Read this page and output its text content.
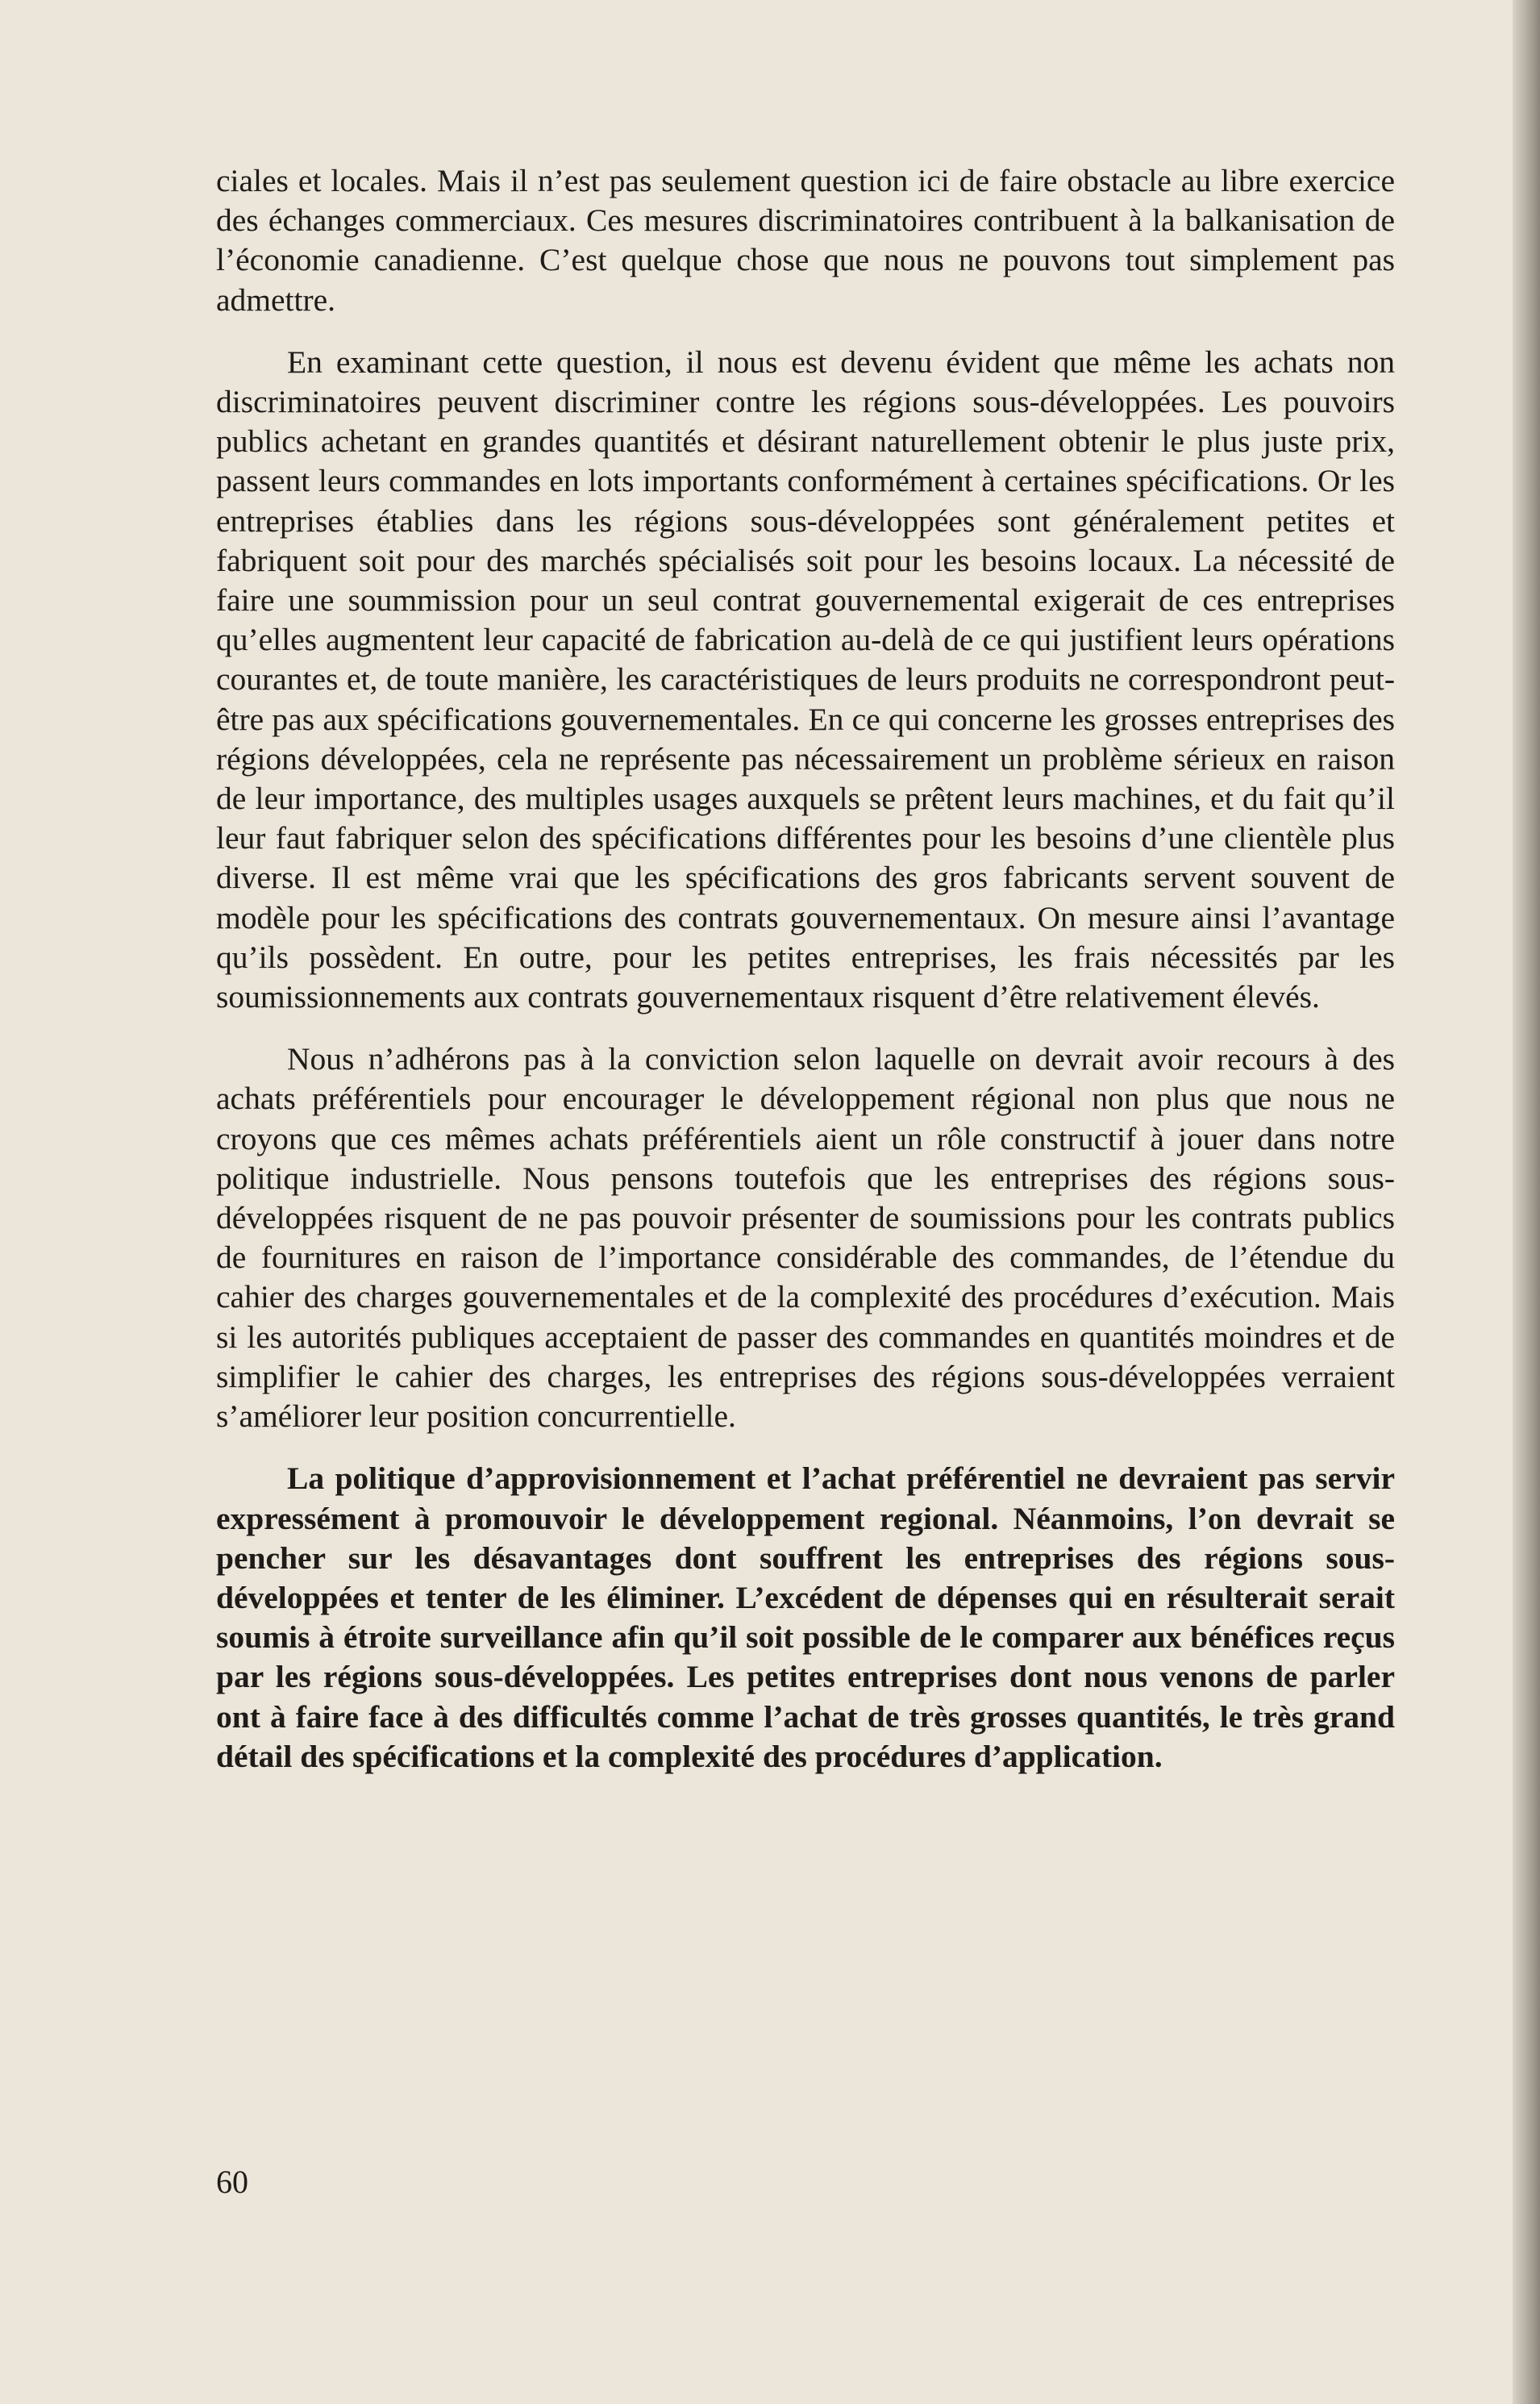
ciales et locales. Mais il n’est pas seulement question ici de faire obstacle au libre exercice des échanges commerciaux. Ces mesures discriminatoires contribuent à la balkanisation de l’économie canadienne. C’est quelque chose que nous ne pouvons tout simplement pas admettre.

En examinant cette question, il nous est devenu évident que même les achats non discriminatoires peuvent discriminer contre les régions sous-développées. Les pouvoirs publics achetant en grandes quantités et désirant naturellement obtenir le plus juste prix, passent leurs commandes en lots importants conformément à certaines spécifications. Or les entreprises établies dans les régions sous-développées sont généralement petites et fabriquent soit pour des marchés spécialisés soit pour les besoins locaux. La nécessité de faire une soummission pour un seul contrat gouvernemental exigerait de ces entreprises qu’elles augmentent leur capacité de fabrication au-delà de ce qui justifient leurs opérations courantes et, de toute manière, les caractéristiques de leurs produits ne correspondront peut-être pas aux spécifications gouvernementales. En ce qui concerne les grosses entreprises des régions développées, cela ne représente pas nécessairement un problème sérieux en raison de leur importance, des multiples usages auxquels se prêtent leurs machines, et du fait qu’il leur faut fabriquer selon des spécifications différentes pour les besoins d’une clientèle plus diverse. Il est même vrai que les spécifications des gros fabricants servent souvent de modèle pour les spécifications des contrats gouvernementaux. On mesure ainsi l’avantage qu’ils possèdent. En outre, pour les petites entreprises, les frais nécessités par les soumissionnements aux contrats gouvernementaux risquent d’être relativement élevés.

Nous n’adhérons pas à la conviction selon laquelle on devrait avoir recours à des achats préférentiels pour encourager le développement régional non plus que nous ne croyons que ces mêmes achats préférentiels aient un rôle constructif à jouer dans notre politique industrielle. Nous pensons toutefois que les entreprises des régions sous-développées risquent de ne pas pouvoir présenter de soumissions pour les contrats publics de fournitures en raison de l’importance considérable des commandes, de l’étendue du cahier des charges gouvernementales et de la complexité des procédures d’exécution. Mais si les autorités publiques acceptaient de passer des commandes en quantités moindres et de simplifier le cahier des charges, les entreprises des régions sous-développées verraient s’améliorer leur position concurrentielle.

La politique d’approvisionnement et l’achat préférentiel ne devraient pas servir expressément à promouvoir le développement regional. Néanmoins, l’on devrait se pencher sur les désavantages dont souffrent les entreprises des régions sous-développées et tenter de les éliminer. L’excédent de dépenses qui en résulterait serait soumis à étroite surveillance afin qu’il soit possible de le comparer aux bénéfices reçus par les régions sous-développées. Les petites entreprises dont nous venons de parler ont à faire face à des difficultés comme l’achat de très grosses quantités, le très grand détail des spécifications et la complexité des procédures d’application.

60
